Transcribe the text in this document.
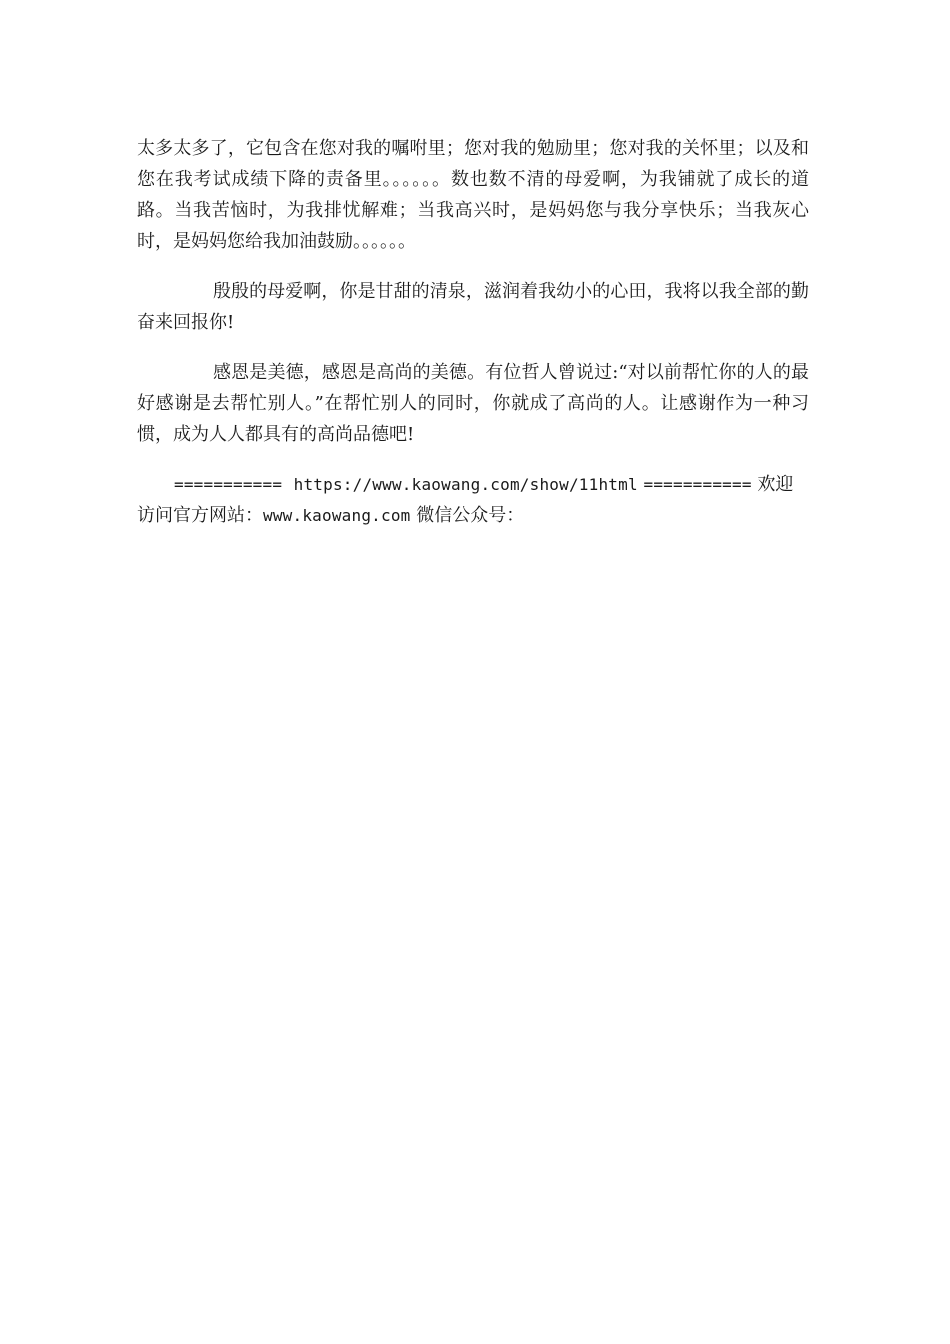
太多太多了，它包含在您对我的嘱咐里；您对我的勉励里；您对我的关怀里；以及和您在我考试成绩下降的责备里。。。。。。数也数不清的母爱啊，为我铺就了成长的道路。当我苦恼时，为我排忧解难；当我高兴时，是妈妈您与我分享快乐；当我灰心时，是妈妈您给我加油鼓励。。。。。。

殷殷的母爱啊，你是甘甜的清泉，滋润着我幼小的心田，我将以我全部的勤奋来回报你!

感恩是美德，感恩是高尚的美德。有位哲人曾说过:“对以前帮忙你的人的最好感谢是去帮忙别人。”在帮忙别人的同时，你就成了高尚的人。让感谢作为一种习惯，成为人人都具有的高尚品德吧!

=========== https://www.kaowang.com/show/11html =========== 欢迎访问官方网站：www.kaowang.com 微信公众号：
